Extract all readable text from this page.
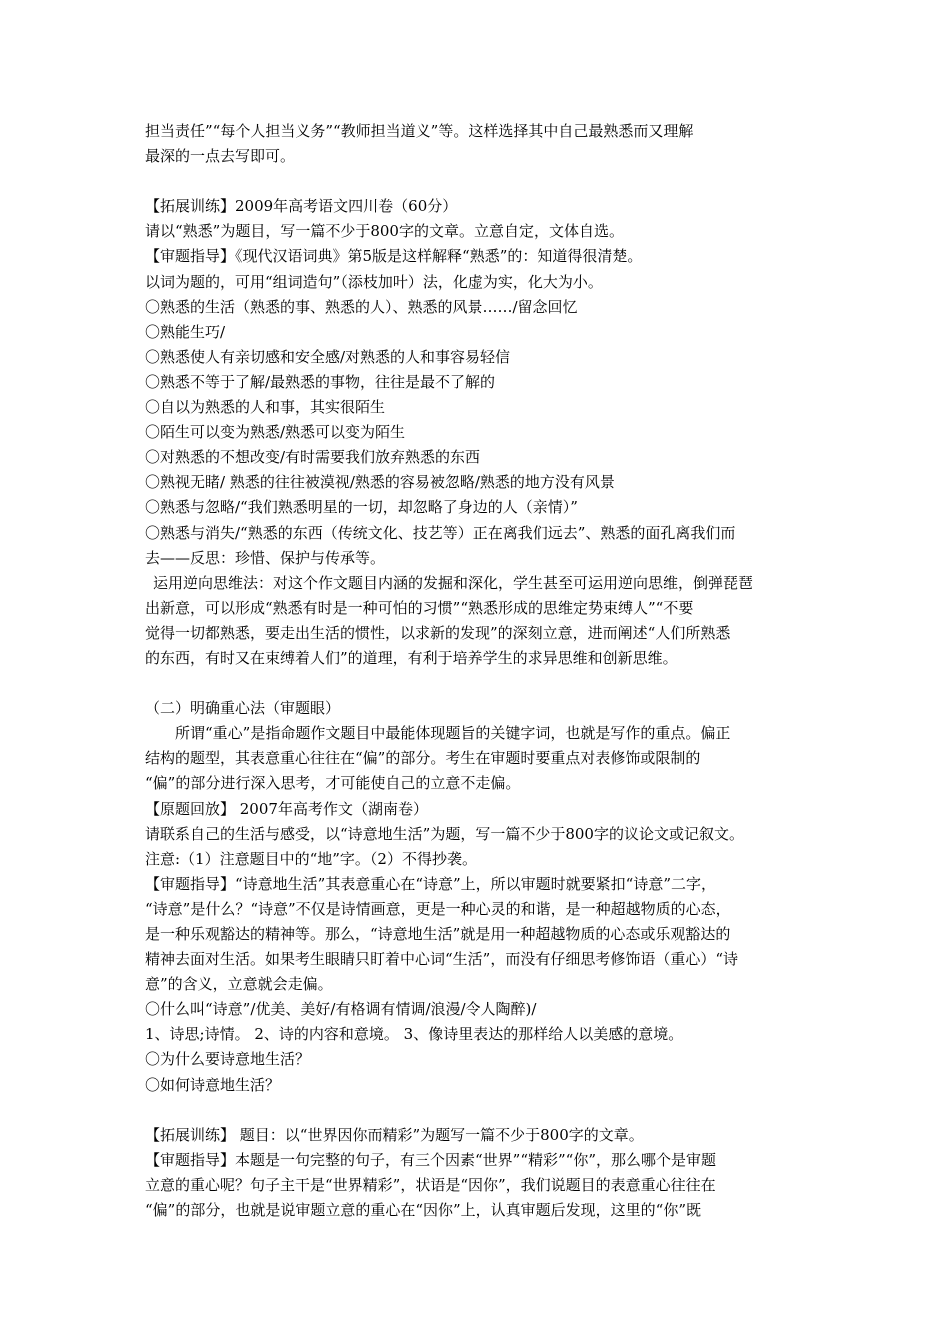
担当责任”“每个人担当义务”“教师担当道义”等。这样选择其中自己最熟悉而又理解
最深的一点去写即可。
【拓展训练】2009年高考语文四川卷（60分）
请以“熟悉”为题目，写一篇不少于800字的文章。立意自定，文体自选。
【审题指导】《现代汉语词典》第5版是这样解释“熟悉”的：知道得很清楚。
以词为题的，可用“组词造句”（添枝加叶）法，化虚为实，化大为小。
〇熟悉的生活（熟悉的事、熟悉的人）、熟悉的风景……/留念回忆
〇熟能生巧/
〇熟悉使人有亲切感和安全感/对熟悉的人和事容易轻信
〇熟悉不等于了解/最熟悉的事物，往往是最不了解的
〇自以为熟悉的人和事，其实很陌生
〇陌生可以变为熟悉/熟悉可以变为陌生
〇对熟悉的不想改变/有时需要我们放弃熟悉的东西
〇熟视无睹/ 熟悉的往往被漠视/熟悉的容易被忽略/熟悉的地方没有风景
〇熟悉与忽略/“我们熟悉明星的一切，却忽略了身边的人（亲情）”
〇熟悉与消失/“熟悉的东西（传统文化、技艺等）正在离我们远去”、熟悉的面孔离我们而
去——反思：珍惜、保护与传承等。
运用逆向思维法：对这个作文题目内涵的发掘和深化，学生甚至可运用逆向思维，倒弹琵琶
出新意，可以形成“熟悉有时是一种可怕的习惯”“熟悉形成的思维定势束缚人”“不要
觉得一切都熟悉，要走出生活的惯性，以求新的发现”的深刻立意，进而阐述“人们所熟悉
的东西，有时又在束缚着人们”的道理，有利于培养学生的求异思维和创新思维。
（二）明确重心法（审题眼）
所谓“重心”是指命题作文题目中最能体现题旨的关键字词，也就是写作的重点。偏正
结构的题型，其表意重心往往在“偏”的部分。考生在审题时要重点对表修饰或限制的
“偏”的部分进行深入思考，才可能使自己的立意不走偏。
【原题回放】 2007年高考作文（湖南卷）
请联系自己的生活与感受，以“诗意地生活”为题，写一篇不少于800字的议论文或记叙文。
注意:（1）注意题目中的“地”字。（2）不得抄袭。
【审题指导】“诗意地生活”其表意重心在“诗意”上，所以审题时就要紧扣“诗意”二字，
“诗意”是什么？“诗意”不仅是诗情画意，更是一种心灵的和谐，是一种超越物质的心态，
是一种乐观豁达的精神等。那么，“诗意地生活”就是用一种超越物质的心态或乐观豁达的
精神去面对生活。如果考生眼睛只盯着中心词“生活”，而没有仔细思考修饰语（重心）“诗
意”的含义，立意就会走偏。
〇什么叫“诗意”/优美、美好/有格调有情调/浪漫/令人陶醉)/
1、诗思;诗情。 2、诗的内容和意境。 3、像诗里表达的那样给人以美感的意境。
〇为什么要诗意地生活？
〇如何诗意地生活？
【拓展训练】 题目：以“世界因你而精彩”为题写一篇不少于800字的文章。
【审题指导】本题是一句完整的句子，有三个因素“世界”“精彩”“你”，那么哪个是审题
立意的重心呢？句子主干是“世界精彩”，状语是“因你”，我们说题目的表意重心往往在
“偏”的部分，也就是说审题立意的重心在“因你”上，认真审题后发现，这里的“你”既
